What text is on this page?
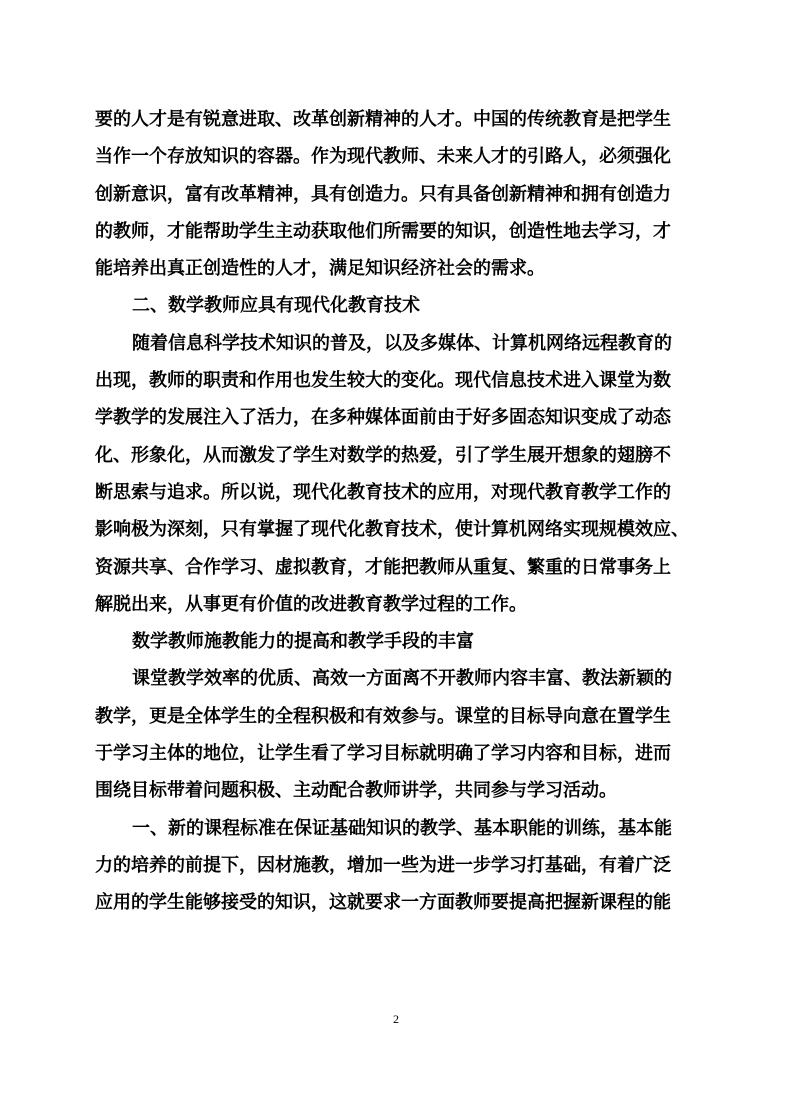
要的人才是有锐意进取、改革创新精神的人才。中国的传统教育是把学生
当作一个存放知识的容器。作为现代教师、未来人才的引路人，必须强化
创新意识，富有改革精神，具有创造力。只有具备创新精神和拥有创造力
的教师，才能帮助学生主动获取他们所需要的知识，创造性地去学习，才
能培养出真正创造性的人才，满足知识经济社会的需求。
二、数学教师应具有现代化教育技术
随着信息科学技术知识的普及，以及多媒体、计算机网络远程教育的
出现，教师的职责和作用也发生较大的变化。现代信息技术进入课堂为数
学教学的发展注入了活力，在多种媒体面前由于好多固态知识变成了动态
化、形象化，从而激发了学生对数学的热爱，引了学生展开想象的翅膀不
断思索与追求。所以说，现代化教育技术的应用，对现代教育教学工作的
影响极为深刻，只有掌握了现代化教育技术，使计算机网络实现规模效应、
资源共享、合作学习、虚拟教育，才能把教师从重复、繁重的日常事务上
解脱出来，从事更有价值的改进教育教学过程的工作。
数学教师施教能力的提高和教学手段的丰富
课堂教学效率的优质、高效一方面离不开教师内容丰富、教法新颖的
教学，更是全体学生的全程积极和有效参与。课堂的目标导向意在置学生
于学习主体的地位，让学生看了学习目标就明确了学习内容和目标，进而
围绕目标带着问题积极、主动配合教师讲学，共同参与学习活动。
一、新的课程标准在保证基础知识的教学、基本职能的训练，基本能
力的培养的前提下，因材施教，增加一些为进一步学习打基础，有着广泛
应用的学生能够接受的知识，这就要求一方面教师要提高把握新课程的能
2
